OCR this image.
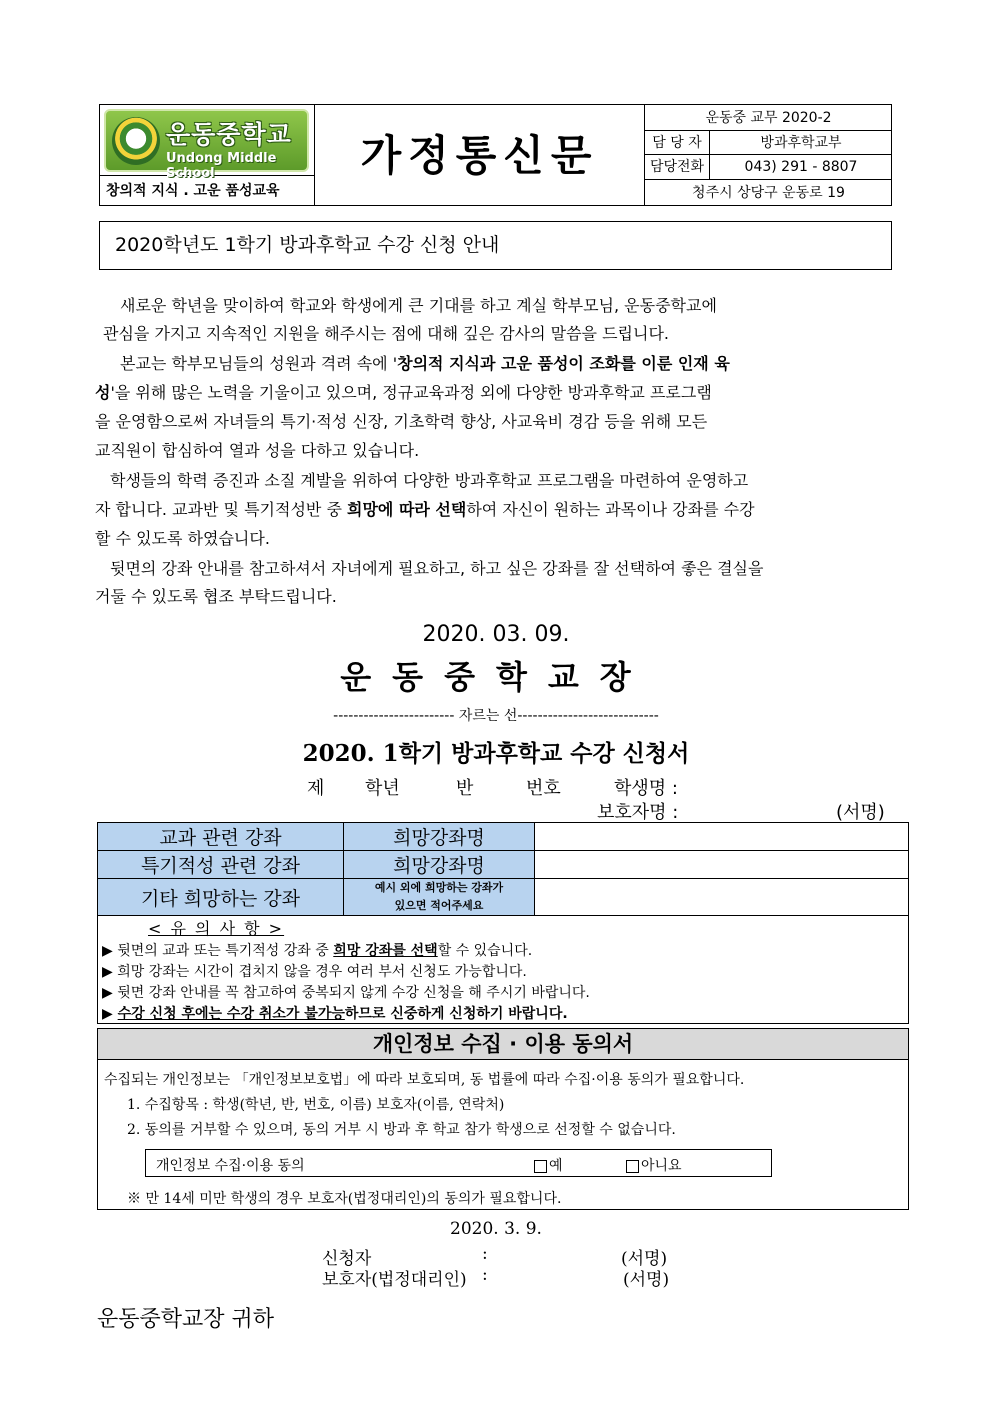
운동중학교
Undong Middle School
창의적 지식 . 고운 품성교육
가정통신문
운동중 교무 2020-2
담 당 자	방과후학교부
담당전화	043) 291 - 8807
청주시 상당구 운동로 19
2020학년도 1학기 방과후학교 수강 신청 안내
새로운 학년을 맞이하여 학교와 학생에게 큰 기대를 하고 계실 학부모님, 운동중학교에
관심을 가지고 지속적인 지원을 해주시는 점에 대해 깊은 감사의 말씀을 드립니다.
본교는 학부모님들의 성원과 격려 속에 '창의적 지식과 고운 품성이 조화를 이룬 인재 육
성'을 위해 많은 노력을 기울이고 있으며, 정규교육과정 외에 다양한 방과후학교 프로그램
을 운영함으로써 자녀들의 특기·적성 신장, 기초학력 향상, 사교육비 경감 등을 위해 모든
교직원이 합심하여 열과 성을 다하고 있습니다.
학생들의 학력 증진과 소질 계발을 위하여 다양한 방과후학교 프로그램을 마련하여 운영하고
자 합니다. 교과반 및 특기적성반 중 희망에 따라 선택하여 자신이 원하는 과목이나 강좌를 수강
할 수 있도록 하였습니다.
뒷면의 강좌 안내를 참고하셔서 자녀에게 필요하고, 하고 싶은 강좌를 잘 선택하여 좋은 결실을
거둘 수 있도록 협조 부탁드립니다.
2020. 03. 09.
운동중학교장
------------------------ 자르는 선----------------------------
2020. 1학기 방과후학교 수강 신청서
제 학년	반	번호	학생명 :
보호자명 :	(서명)
교과 관련 강좌	희망강좌명	
특기적성 관련 강좌	희망강좌명	
기타 희망하는 강좌	예시 외에 희망하는 강좌가
있으면 적어주세요	
< 유 의 사 항 >
▶ 뒷면의 교과 또는 특기적성 강좌 중 희망 강좌를 선택할 수 있습니다.
▶ 희망 강좌는 시간이 겹치지 않을 경우 여러 부서 신청도 가능합니다.
▶ 뒷면 강좌 안내를 꼭 참고하여 중복되지 않게 수강 신청을 해 주시기 바랍니다.
▶ 수강 신청 후에는 수강 취소가 불가능하므로 신중하게 신청하기 바랍니다.
개인정보 수집 · 이용 동의서
수집되는 개인정보는 「개인정보보호법」에 따라 보호되며, 동 법률에 따라 수집·이용 동의가 필요합니다.
1. 수집항목 : 학생(학년, 반, 번호, 이름) 보호자(이름, 연락처)
2. 동의를 거부할 수 있으며, 동의 거부 시 방과 후 학교 참가 학생으로 선정할 수 없습니다.
개인정보 수집·이용 동의	예	아니요
※ 만 14세 미만 학생의 경우 보호자(법정대리인)의 동의가 필요합니다.
2020. 3. 9.
신청자	:	(서명)
보호자(법정대리인) :	(서명)
운동중학교장 귀하
